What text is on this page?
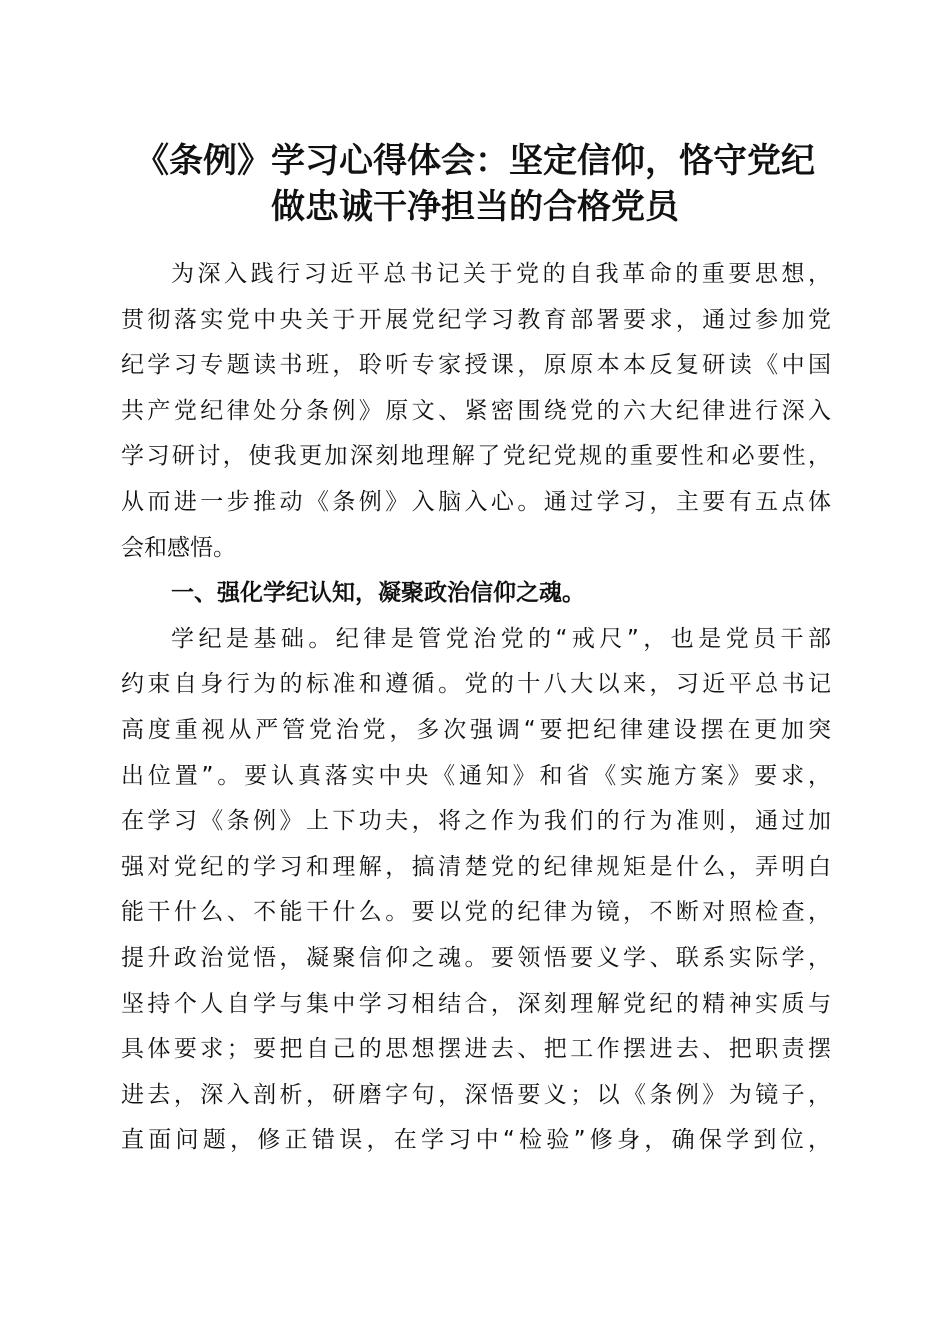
《条例》学习心得体会：坚定信仰，恪守党纪
做忠诚干净担当的合格党员
为深入践行习近平总书记关于党的自我革命的重要思想，
贯彻落实党中央关于开展党纪学习教育部署要求，通过参加党
纪学习专题读书班，聆听专家授课，原原本本反复研读《中国
共产党纪律处分条例》原文、紧密围绕党的六大纪律进行深入
学习研讨，使我更加深刻地理解了党纪党规的重要性和必要性，
从而进一步推动《条例》入脑入心。通过学习，主要有五点体
会和感悟。
一、强化学纪认知，凝聚政治信仰之魂。
学纪是基础。纪律是管党治党的“戒尺”，也是党员干部
约束自身行为的标准和遵循。党的十八大以来，习近平总书记
高度重视从严管党治党，多次强调“要把纪律建设摆在更加突
出位置”。要认真落实中央《通知》和省《实施方案》要求，
在学习《条例》上下功夫，将之作为我们的行为准则，通过加
强对党纪的学习和理解，搞清楚党的纪律规矩是什么，弄明白
能干什么、不能干什么。要以党的纪律为镜，不断对照检查，
提升政治觉悟，凝聚信仰之魂。要领悟要义学、联系实际学，
坚持个人自学与集中学习相结合，深刻理解党纪的精神实质与
具体要求；要把自己的思想摆进去、把工作摆进去、把职责摆
进去，深入剖析，研磨字句，深悟要义；以《条例》为镜子，
直面问题，修正错误，在学习中“检验”修身，确保学到位，
